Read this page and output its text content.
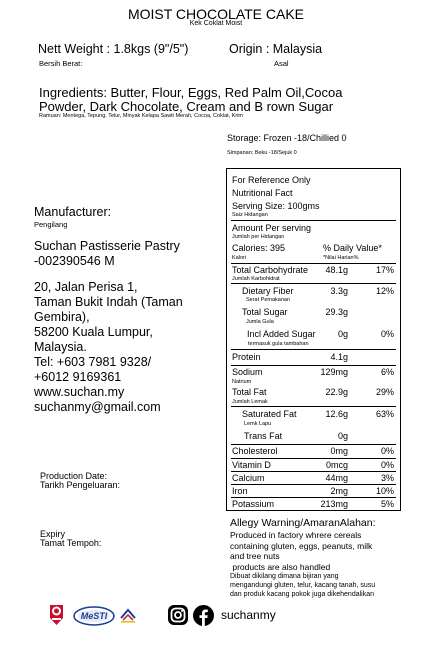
MOIST CHOCOLATE CAKE
Kek Coklat Moist
Nett Weight : 1.8kgs (9"/5")
Bersih Berat:
Origin : Malaysia
Asal
Ingredients: Butter, Flour, Eggs, Red Palm Oil,Cocoa
Powder, Dark Chocolate, Cream and B rown Sugar
Ramuan: Mentega, Tepung, Telur, Minyak Kelapa Sawit Merah, Cocoa, Coklat, Krim
Storage: Frozen -18/Chillied 0
Simpanan: Beku -18/Sejuk 0
Manufacturer:
Pengilang
Suchan Pastisserie Pastry
-002390546 M
20, Jalan Perisa 1,
Taman Bukit Indah (Taman
Gembira),
58200 Kuala Lumpur,
Malaysia.
Tel: +603 7981 9328/
+6012 9169361
www.suchan.my
suchanmy@gmail.com
Production Date:
Tarikh Pengeluaran:
Expiry
Tamat Tempoh:
For Reference Only
Nutritional Fact
Serving Size: 100gms
Saiz Hidangan
Amount Per serving
Jumlah per Hidangan
Calories: 395	% Daily Value*
Kalori	*Nilai Harian%
Total Carbohydrate 48.1g	17%
Jumlah Karbohidrat
Dietary Fiber	3.3g	12%
Serat Pemakanan
Total Sugar	29.3g
Jumla Gula
Incl Added Sugar 0g	0%
termasuk gula tambahan
Protein	4.1g
Sodium	129mg	6%
Natrium
Total Fat	22.9g	29%
Jumlah Lemak
Saturated Fat	12.6g	63%
Lemk Lapu
Trans Fat	0g
Cholesterol	0mg	0%
Vitamin D	0mcg	0%
Calcium	44mg	3%
Iron	2mg	10%
Potassium	213mg	5%
Allegy Warning/AmaranAlahan:
Produced in factory whrere cereals
containing gluten, eggs, peanuts, milk
and tree nuts
products are also handled
Dibuat dikilang dimana bijiran yang
mengandungi gluten, telur, kacang tanah, susu
dan produk kacang pokok juga dikehendalikan
MeSTI	suchanmy
